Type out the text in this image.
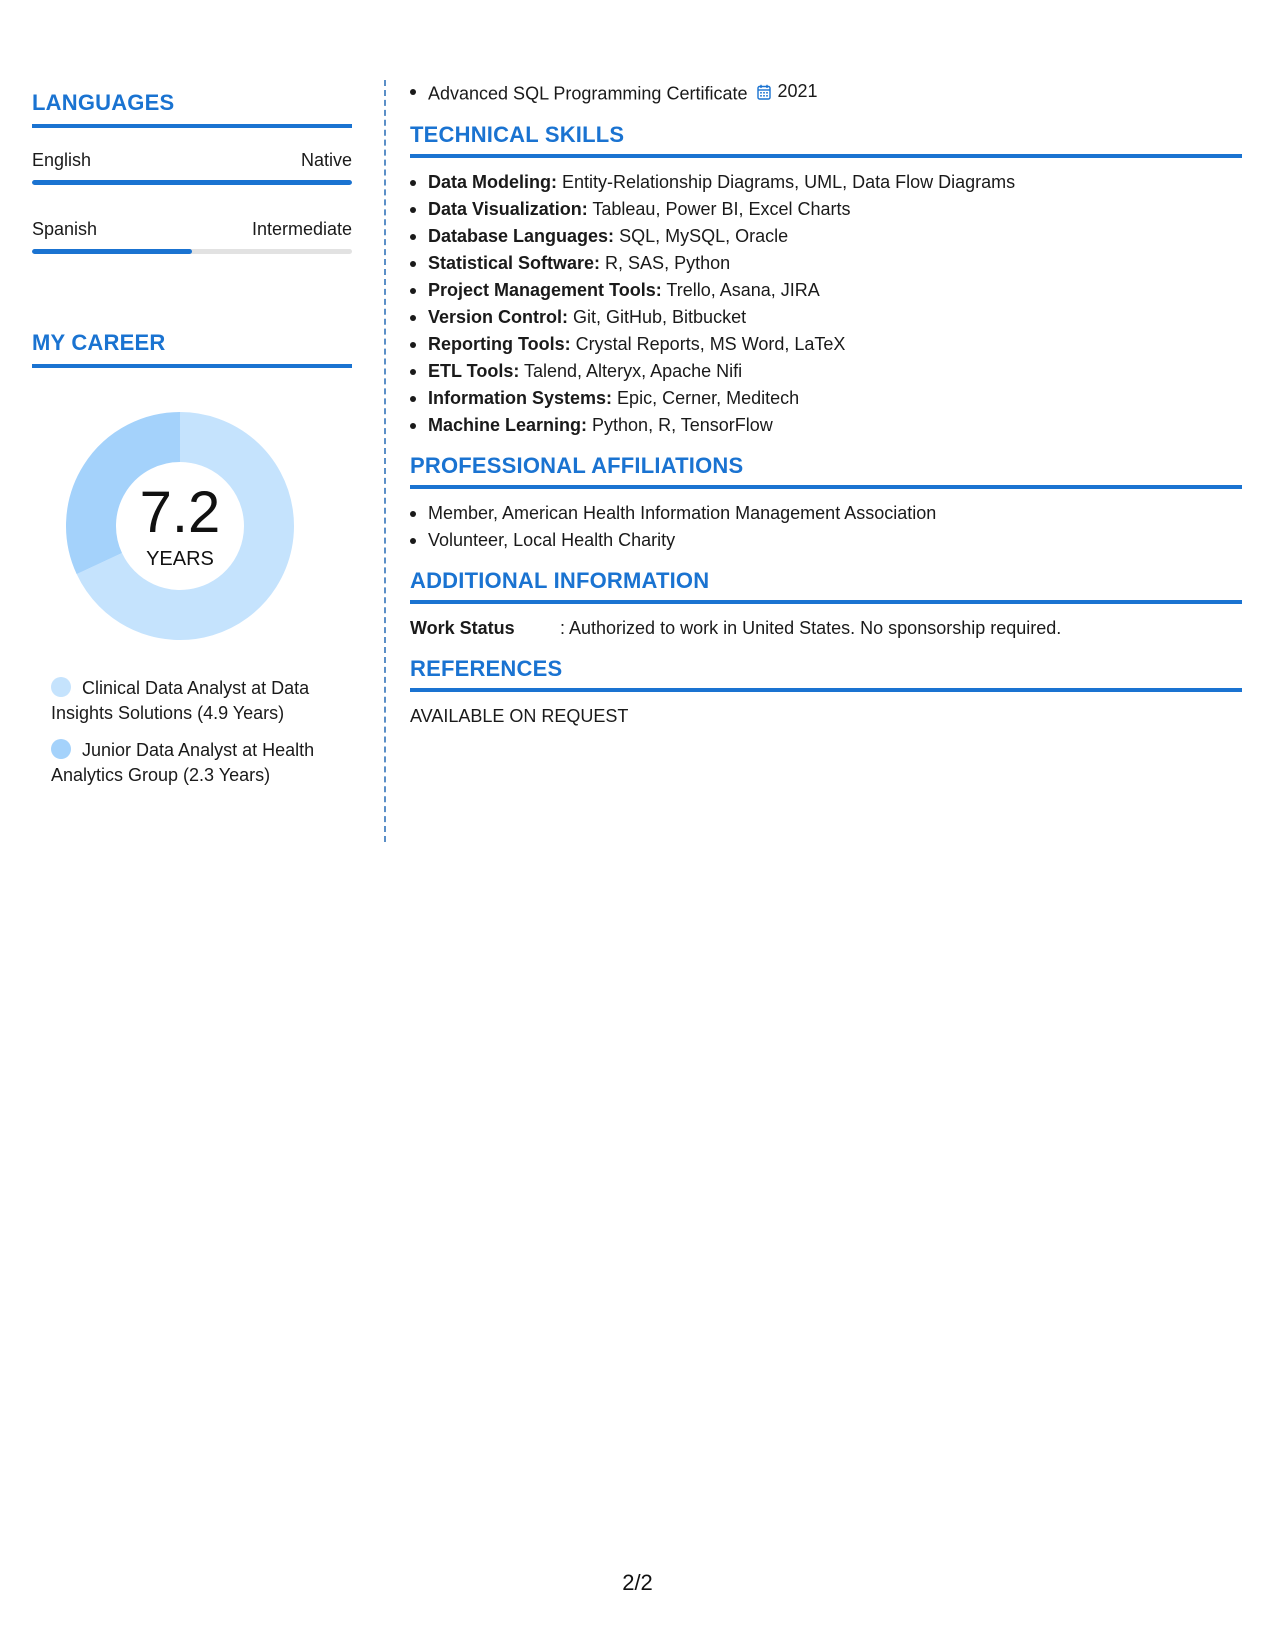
LANGUAGES
English	Native
Spanish	Intermediate
MY CAREER
7.2
YEARS
Clinical Data Analyst at Data Insights Solutions (4.9 Years)
Junior Data Analyst at Health Analytics Group (2.3 Years)
Advanced SQL Programming Certificate 2021
TECHNICAL SKILLS
Data Modeling: Entity-Relationship Diagrams, UML, Data Flow Diagrams
Data Visualization: Tableau, Power BI, Excel Charts
Database Languages: SQL, MySQL, Oracle
Statistical Software: R, SAS, Python
Project Management Tools: Trello, Asana, JIRA
Version Control: Git, GitHub, Bitbucket
Reporting Tools: Crystal Reports, MS Word, LaTeX
ETL Tools: Talend, Alteryx, Apache Nifi
Information Systems: Epic, Cerner, Meditech
Machine Learning: Python, R, TensorFlow
PROFESSIONAL AFFILIATIONS
Member, American Health Information Management Association
Volunteer, Local Health Charity
ADDITIONAL INFORMATION
Work Status	: Authorized to work in United States. No sponsorship required.
REFERENCES
AVAILABLE ON REQUEST
2/2
